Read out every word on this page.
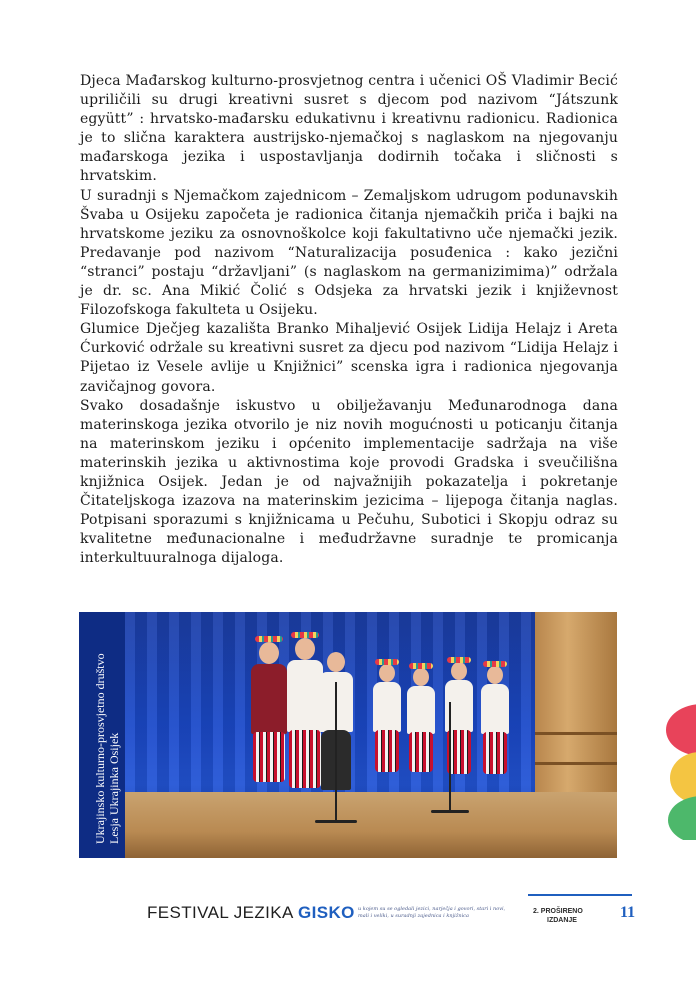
Djeca Mađarskog kulturno-prosvjetnog centra i učenici OŠ Vladimir Becić upriličili su drugi kreativni susret s djecom pod nazivom “Játszunk együtt” : hrvatsko-mađarsku edukativnu i kreativnu radionicu. Radionica je to slična karaktera austrijsko-njemačkoj s naglaskom na njegovanju mađarskoga jezika i uspostavljanja dodirnih točaka i sličnosti s hrvatskim.

U suradnji s Njemačkom zajednicom – Zemaljskom udrugom podunavskih Švaba u Osijeku započeta je radionica čitanja njemačkih priča i bajki na hrvatskome jeziku za osnovnoškolce koji fakultativno uče njemački jezik. Predavanje pod nazivom “Naturalizacija posuđenica : kako jezični “stranci” postaju “državljani” (s naglaskom na germanizimima)” održala je dr. sc. Ana Mikić Čolić s Odsjeka za hrvatski jezik i književnost Filozofskoga fakulteta u Osijeku.

Glumice Dječjeg kazališta Branko Mihaljević Osijek Lidija Helajz i Areta Ćurković održale su kreativni susret za djecu pod nazivom “Lidija Helajz i Pijetao iz Vesele avlije u Knjižnici” scenska igra i radionica njegovanja zavičajnog govora.

Svako dosadašnje iskustvo u obilježavanju Međunarodnoga dana materinskoga jezika otvorilo je niz novih mogućnosti u poticanju čitanja na materinskom jeziku i općenito implementacije sadržaja na više materinskih jezika u aktivnostima koje provodi Gradska i sveučilišna knjižnica Osijek. Jedan je od najvažnijih pokazatelja i pokretanje Čitateljskoga izazova na materinskim jezicima – lijepoga čitanja naglas. Potpisani sporazumi s knjižnicama u Pečuhu, Subotici i Skopju odraz su kvalitetne međunacionalne i međudržavne suradnje te promicanja interkultuuralnoga dijaloga.

Ukrajinsko kulturno-prosvjetno društvo Lesja Ukrajinka Osijek
FESTIVAL JEZIKA GISKO u kojem su se ogledali jezici, narječja i govori, stari i novi, mali i veliki, u suradnji zajednica i knjižnica
2. PROŠIRENO
IZDANJE	11
